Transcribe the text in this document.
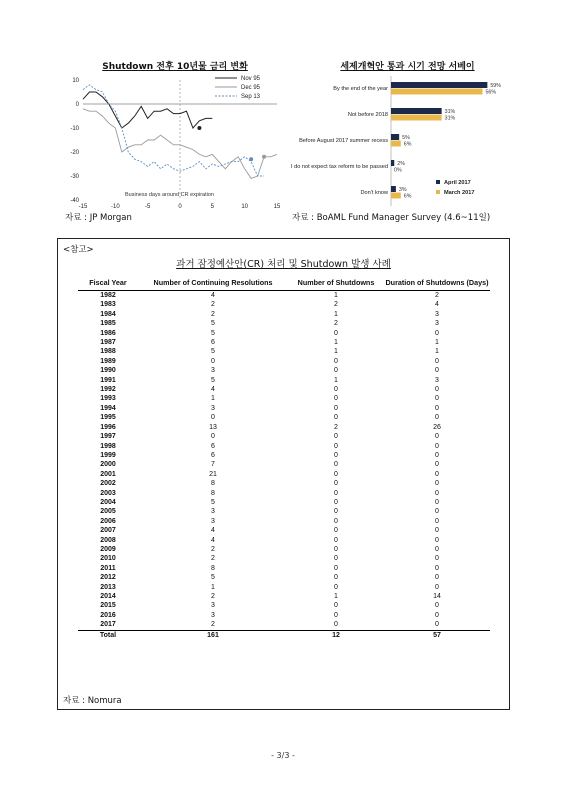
Shutdown 전후 10년물 금리 변화
10
0
-10
-20
-30
-40
-15	-10	-5	0	5	10	15
Nov 95
Dec 95
Sep 13
Business days around CR expiration
세제개혁안 통과 시기 전망 서베이
By the end of the year	59%
56%
Not before 2018	31%
31%
Before August 2017 summer recess	5%
6%
I do not expect tax reform to be passed 2%
0%
Don't know 3%
6%
April 2017
March 2017
자료 : JP Morgan	자료 : BoAML Fund Manager Survey (4.6~11일)
<참고>
과거 잠정예산안(CR) 처리 및 Shutdown 발생 사례
Fiscal Year	Number of Continuing Resolutions	Number of Shutdowns	Duration of Shutdowns (Days)
1982	4	1	2
1983	2	2	4
1984	2	1	3
1985	5	2	3
1986	5	0	0
1987	6	1	1
1988	5	1	1
1989	0	0	0
1990	3	0	0
1991	5	1	3
1992	4	0	0
1993	1	0	0
1994	3	0	0
1995	0	0	0
1996	13	2	26
1997	0	0	0
1998	6	0	0
1999	6	0	0
2000	7	0	0
2001	21	0	0
2002	8	0	0
2003	8	0	0
2004	5	0	0
2005	3	0	0
2006	3	0	0
2007	4	0	0
2008	4	0	0
2009	2	0	0
2010	2	0	0
2011	8	0	0
2012	5	0	0
2013	1	0	0
2014	2	1	14
2015	3	0	0
2016	3	0	0
2017	2	0	0
Total	161	12	57
자료 : Nomura
- 3/3 -
